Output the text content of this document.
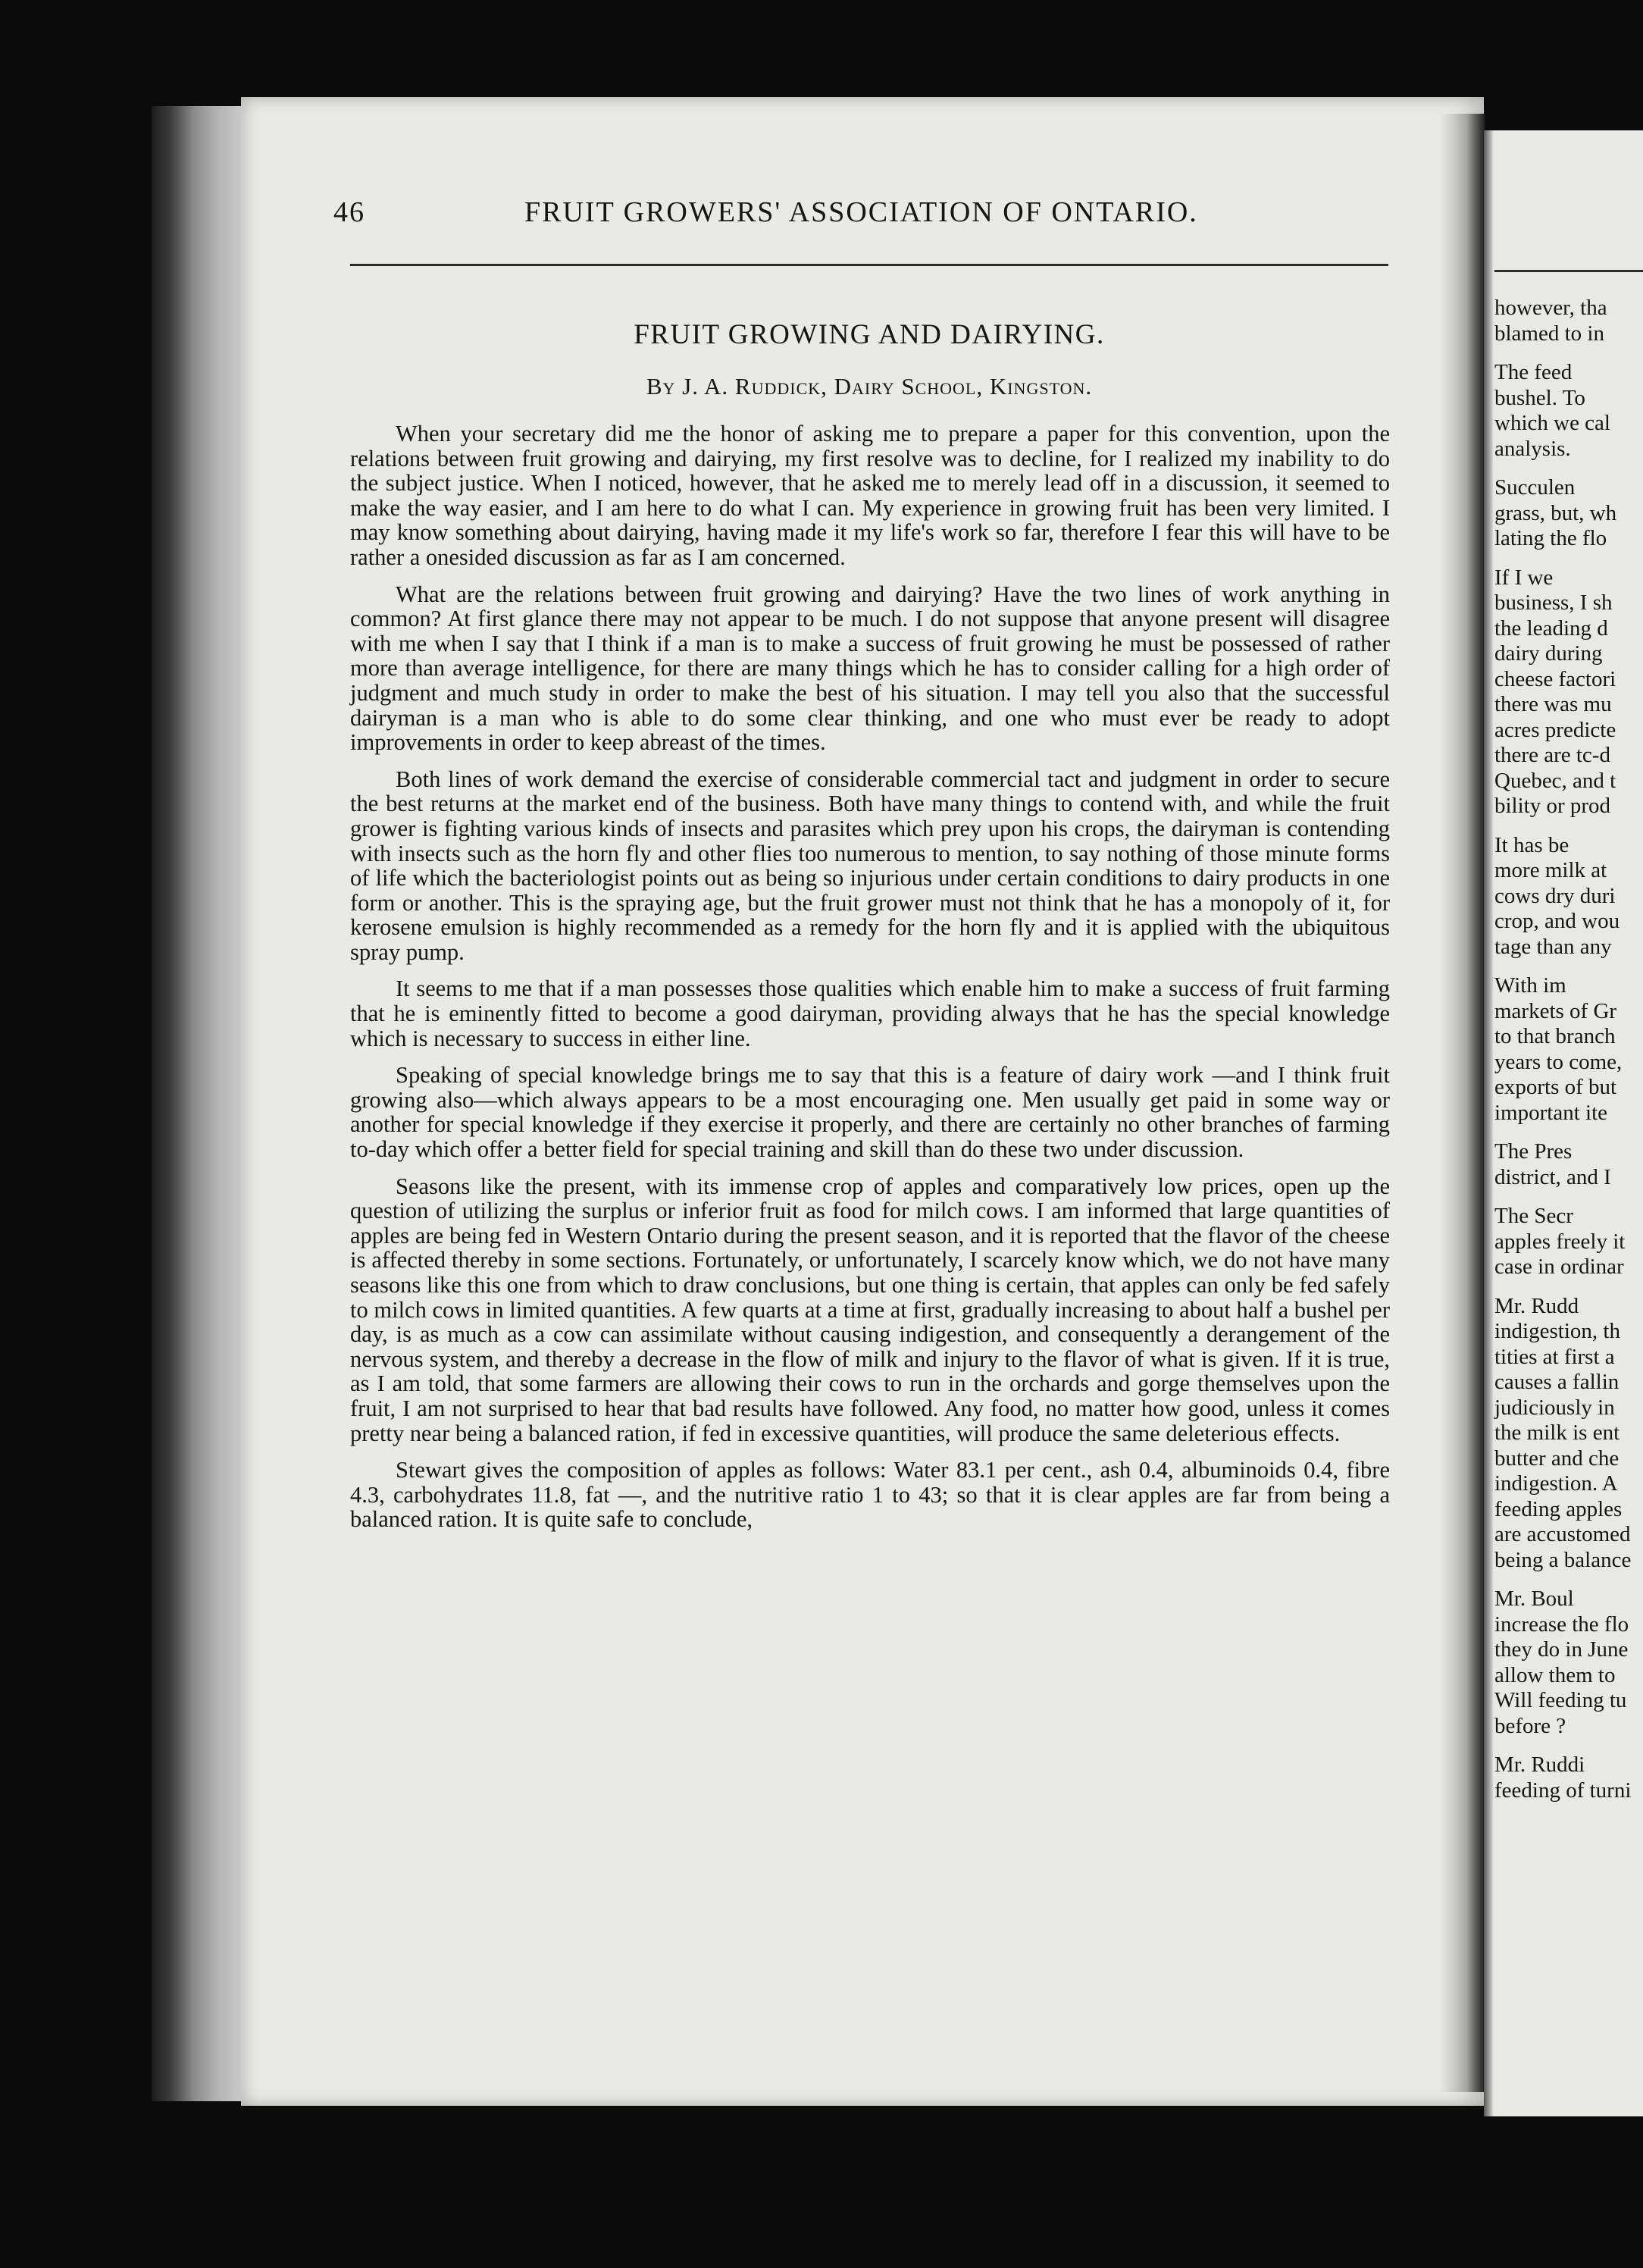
46	FRUIT GROWERS' ASSOCIATION OF ONTARIO.
FRUIT GROWING AND DAIRYING.
By J. A. Ruddick, Dairy School, Kingston.

When your secretary did me the honor of asking me to prepare a paper for this convention, upon the relations between fruit growing and dairying, my first resolve was to decline, for I realized my inability to do the subject justice. When I noticed, however, that he asked me to merely lead off in a discussion, it seemed to make the way easier, and I am here to do what I can. My experience in growing fruit has been very limited. I may know something about dairying, having made it my life's work so far, therefore I fear this will have to be rather a onesided discussion as far as I am concerned.

What are the relations between fruit growing and dairying? Have the two lines of work anything in common? At first glance there may not appear to be much. I do not suppose that anyone present will disagree with me when I say that I think if a man is to make a success of fruit growing he must be possessed of rather more than average intelligence, for there are many things which he has to consider calling for a high order of judgment and much study in order to make the best of his situation. I may tell you also that the successful dairyman is a man who is able to do some clear thinking, and one who must ever be ready to adopt improvements in order to keep abreast of the times.

Both lines of work demand the exercise of considerable commercial tact and judgment in order to secure the best returns at the market end of the business. Both have many things to contend with, and while the fruit grower is fighting various kinds of insects and parasites which prey upon his crops, the dairyman is contending with insects such as the horn fly and other flies too numerous to mention, to say nothing of those minute forms of life which the bacteriologist points out as being so injurious under certain conditions to dairy products in one form or another. This is the spraying age, but the fruit grower must not think that he has a monopoly of it, for kerosene emulsion is highly recommended as a remedy for the horn fly and it is applied with the ubiquitous spray pump.

It seems to me that if a man possesses those qualities which enable him to make a success of fruit farming that he is eminently fitted to become a good dairyman, providing always that he has the special knowledge which is necessary to success in either line.

Speaking of special knowledge brings me to say that this is a feature of dairy work —and I think fruit growing also—which always appears to be a most encouraging one. Men usually get paid in some way or another for special knowledge if they exercise it properly, and there are certainly no other branches of farming to-day which offer a better field for special training and skill than do these two under discussion.

Seasons like the present, with its immense crop of apples and comparatively low prices, open up the question of utilizing the surplus or inferior fruit as food for milch cows. I am informed that large quantities of apples are being fed in Western Ontario during the present season, and it is reported that the flavor of the cheese is affected thereby in some sections. Fortunately, or unfortunately, I scarcely know which, we do not have many seasons like this one from which to draw conclusions, but one thing is certain, that apples can only be fed safely to milch cows in limited quantities. A few quarts at a time at first, gradually increasing to about half a bushel per day, is as much as a cow can assimilate without causing indigestion, and consequently a derangement of the nervous system, and thereby a decrease in the flow of milk and injury to the flavor of what is given. If it is true, as I am told, that some farmers are allowing their cows to run in the orchards and gorge themselves upon the fruit, I am not surprised to hear that bad results have followed. Any food, no matter how good, unless it comes pretty near being a balanced ration, if fed in excessive quantities, will produce the same deleterious effects.

Stewart gives the composition of apples as follows: Water 83.1 per cent., ash 0.4, albuminoids 0.4, fibre 4.3, carbohydrates 11.8, fat —, and the nutritive ratio 1 to 43; so that it is clear apples are far from being a balanced ration. It is quite safe to conclude,

however, tha
blamed to in
The feed
bushel. To
which we cal
analysis.
Succulen
grass, but, wh
lating the flo
If I we
business, I sh
the leading d
dairy during
cheese factori
there was mu
acres predicte
there are tc-d
Quebec, and t
bility or prod
It has be
more milk at
cows dry duri
crop, and wou
tage than any
With im
markets of Gr
to that branch
years to come,
exports of but
important ite
The Pres
district, and I
The Secr
apples freely it
case in ordinar
Mr. Rudd
indigestion, th
tities at first a
causes a fallin
judiciously in
the milk is ent
butter and che
indigestion. A
feeding apples
are accustomed
being a balance
Mr. Boul
increase the flo
they do in June
allow them to
Will feeding tu
before ?
Mr. Ruddi
feeding of turni
